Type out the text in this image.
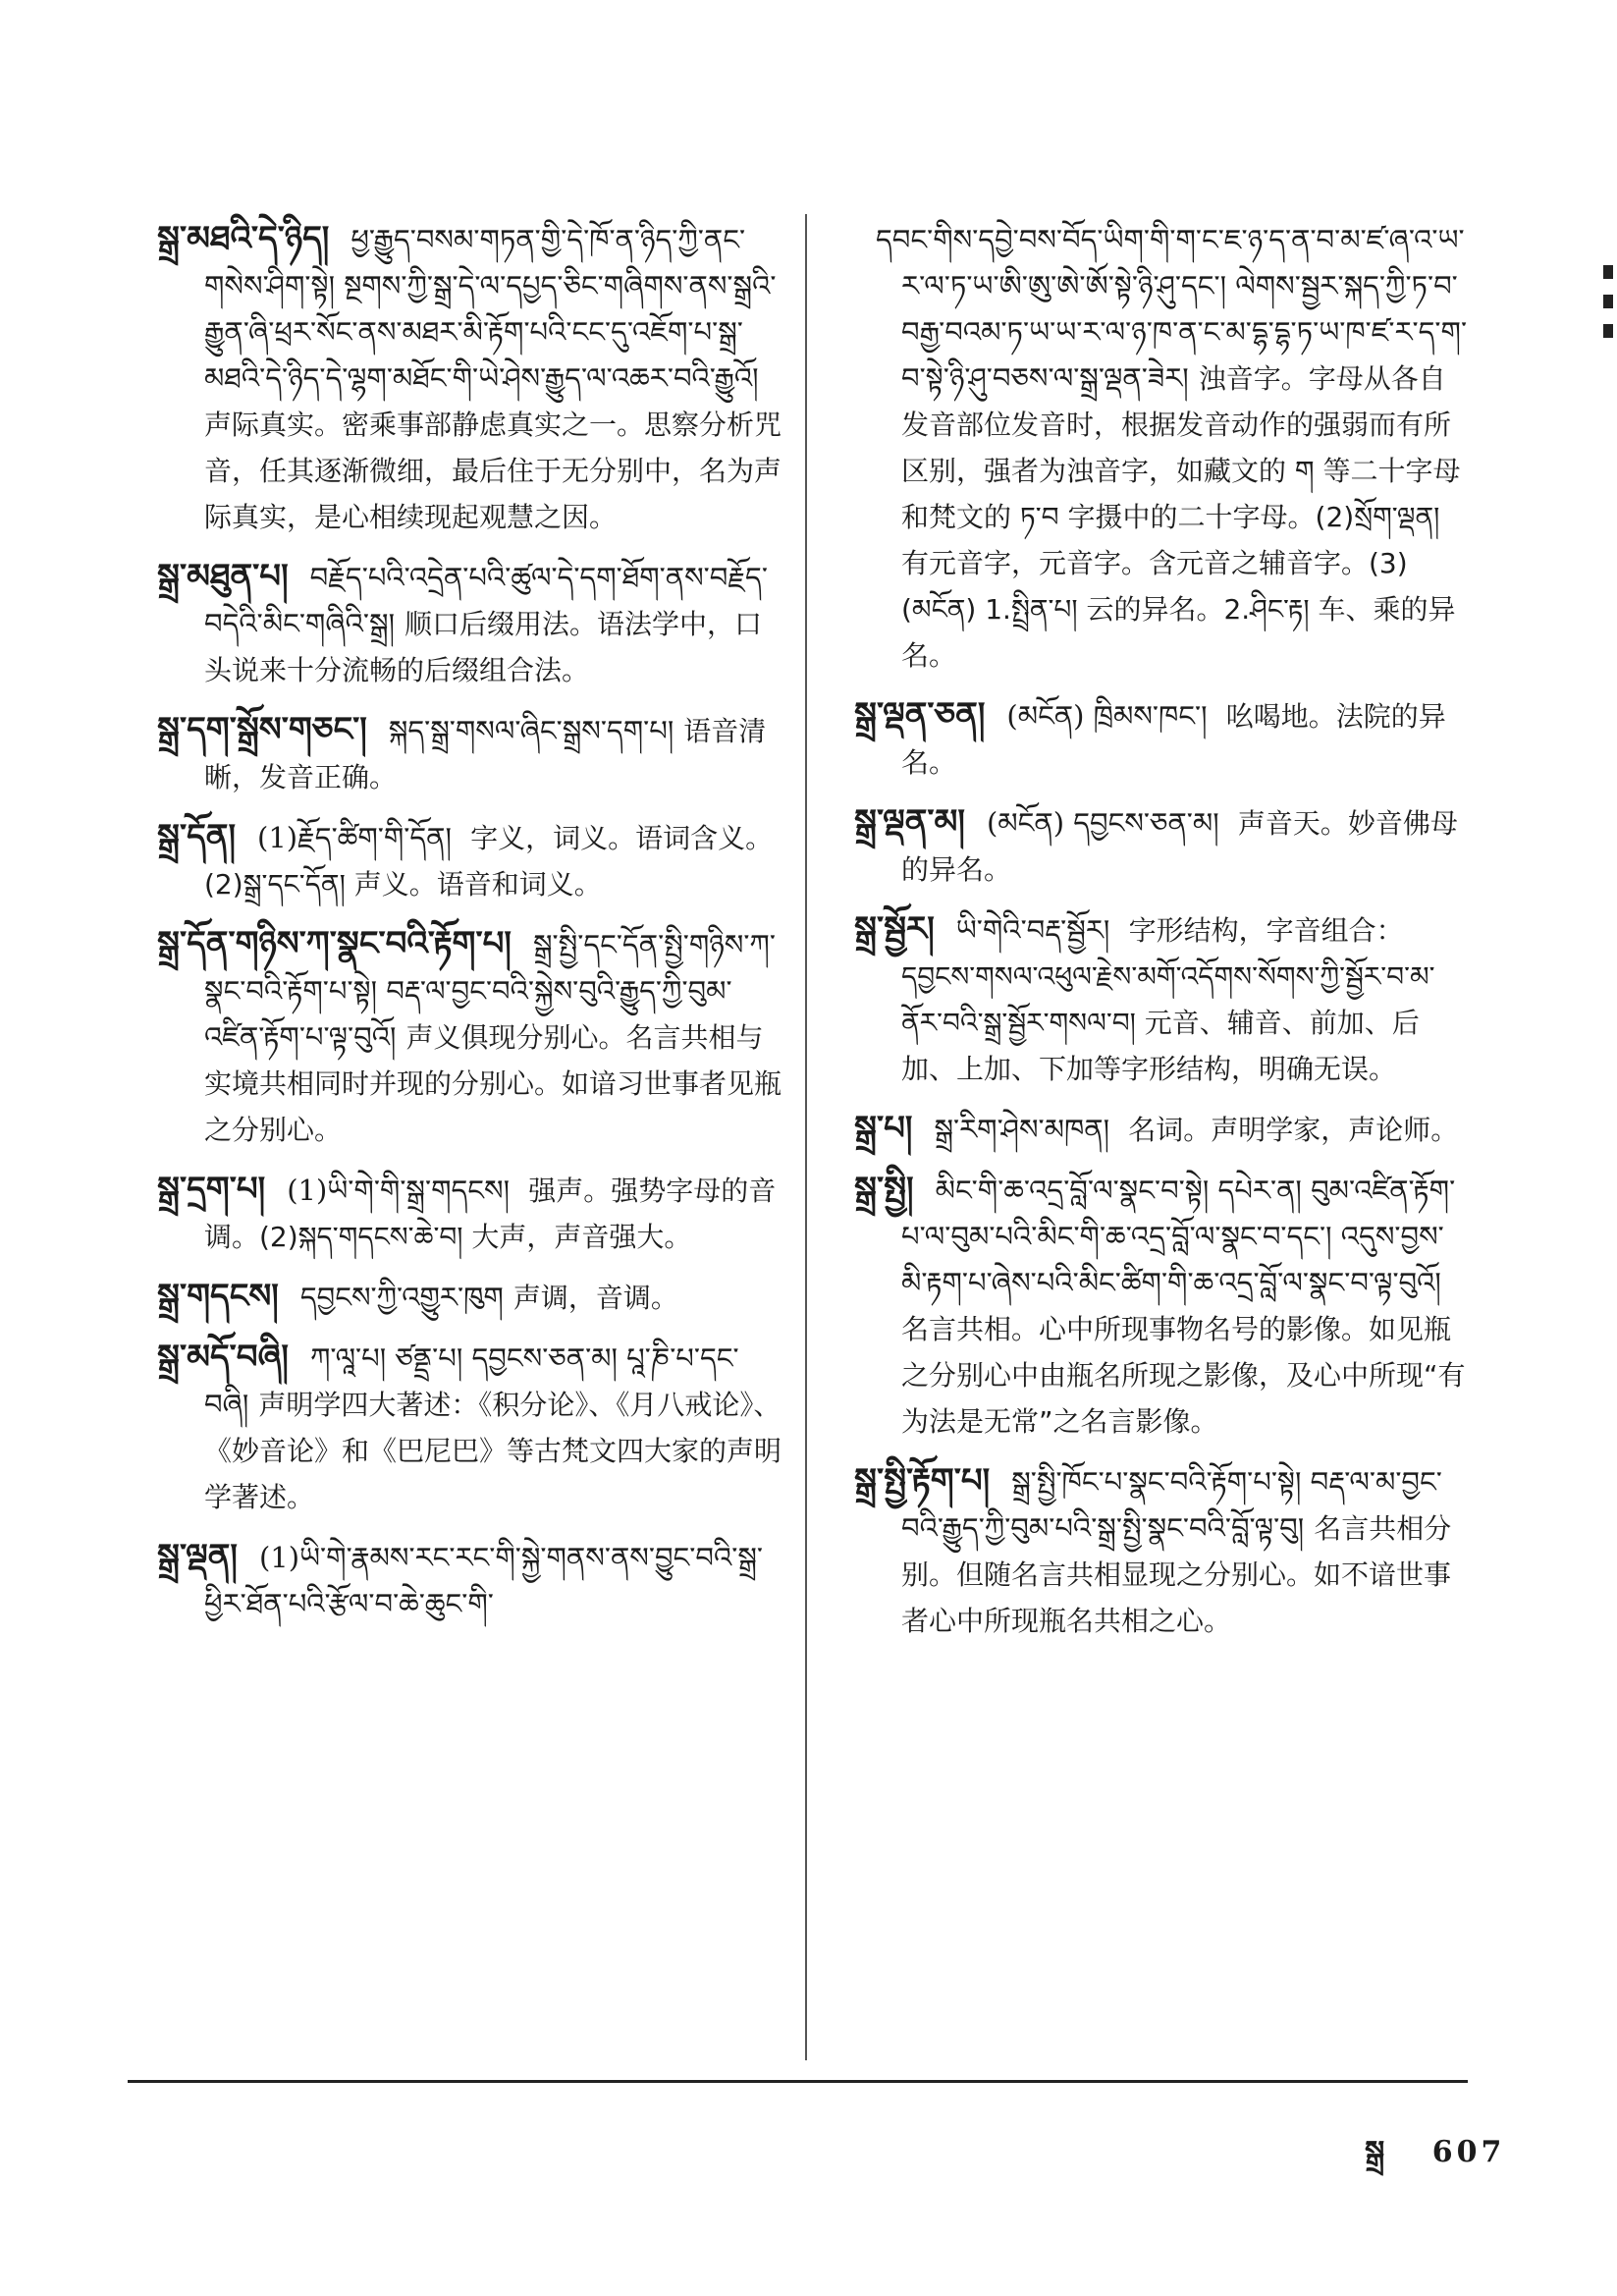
སྒྲ་མཐའི་དེ་ཉིད། ཕྱ་རྒྱུད་བསམ་གཏན་གྱི་དེ་ཁོ་ན་ཉིད་ཀྱི་ནང་གསེས་ཤིག་སྟེ། སྔགས་ཀྱི་སྒྲ་དེ་ལ་དཔྱད་ཅིང་གཞིགས་ནས་སྒྲའི་རྒྱུན་ཞི་ཕྲར་སོང་ནས་མཐར་མི་རྟོག་པའི་ངང་དུ་འཇོག་པ་སྒྲ་མཐའི་དེ་ཉིད་དེ་ལྷག་མཐོང་གི་ཡེ་ཤེས་རྒྱུད་ལ་འཆར་བའི་རྒྱུའོ།声际真实。密乘事部静虑真实之一。思察分析咒音，任其逐渐微细，最后住于无分别中，名为声际真实，是心相续现起观慧之因。
སྒྲ་མཐུན་པ། བརྗོད་པའི་འདྲེན་པའི་ཚུལ་དེ་དག་ཐོག་ནས་བརྗོད་བདེའི་མིང་གཞིའི་སྒྲ། 顺口后缀用法。语法学中，口头说来十分流畅的后缀组合法。
སྒྲ་དག་སྒྲོས་གཅང་། སྐད་སྒྲ་གསལ་ཞིང་སྒྲས་དག་པ། 语音清晰，发音正确。
སྒྲ་དོན། (1)རྗོད་ཚིག་གི་དོན། 字义，词义。语词含义。(2)སྒྲ་དང་དོན། 声义。语音和词义。
སྒྲ་དོན་གཉིས་ཀ་སྣང་བའི་རྟོག་པ། སྒྲ་སྤྱི་དང་དོན་སྤྱི་གཉིས་ཀ་སྣང་བའི་རྟོག་པ་སྟེ། བརྡ་ལ་བྱང་བའི་སྐྱེས་བུའི་རྒྱུད་ཀྱི་བུམ་འཛིན་རྟོག་པ་ལྟ་བུའོ། 声义俱现分别心。名言共相与实境共相同时并现的分别心。如谙习世事者见瓶之分别心。
སྒྲ་དྲག་པ། (1)ཡི་གེ་གི་སྒྲ་གདངས། 强声。强势字母的音调。(2)སྐད་གདངས་ཆེ་བ། 大声，声音强大。
སྒྲ་གདངས། དབྱངས་ཀྱི་འགྱུར་ཁུག 声调，音调。
སྒྲ་མདོ་བཞི། ཀ་ལཱ་པ། ཙནྡྲ་པ། དབྱངས་ཅན་མ། པཱ་ཎི་པ་དང་བཞི། 声明学四大著述：《积分论》、《月八戒论》、《妙音论》和《巴尼巴》等古梵文四大家的声明学著述。
སྒྲ་ལྡན། (1)ཡི་གེ་རྣམས་རང་རང་གི་སྐྱེ་གནས་ནས་བྱུང་བའི་སྒྲ་ཕྱིར་ཐོན་པའི་རྩོལ་བ་ཆེ་ཆུང་གི་
དབང་གིས་དབྱེ་བས་བོད་ཡིག་གི་ག་ང་ཇ་ཉ་ད་ན་བ་མ་ཛ་ཞ་འ་ཡ་ར་ལ་ཏ་ཡ་ཨི་ཨུ་ཨེ་ཨོ་སྟེ་ཉི་ཤུ་དང་། ལེགས་སྦྱར་སྐད་ཀྱི་ཏ་བ་བརྒྱ་བའམ་ཏ་ཡ་ཡ་ར་ལ་ཉ་ཁ་ན་ང་མ་དྷ་དྷ་ཏ་ཡ་ཁ་ཛ་ར་ད་ག་བ་སྟེ་ཉི་ཤུ་བཅས་ལ་སྒྲ་ལྡན་ཟེར། 浊音字。字母从各自发音部位发音时，根据发音动作的强弱而有所区别，强者为浊音字，如藏文的 ག 等二十字母和梵文的 ཏ་བ 字摄中的二十字母。(2)སྲོག་ལྡན། 有元音字，元音字。含元音之辅音字。(3)(མངོན) 1.སྤྲིན་པ། 云的异名。2.ཤིང་རྟ། 车、乘的异名。
སྒྲ་ལྡན་ཅན། (མངོན) ཁྲིམས་ཁང་། 吆喝地。法院的异名。
སྒྲ་ལྡན་མ། (མངོན) དབྱངས་ཅན་མ། 声音天。妙音佛母的异名。
སྒྲ་སྦྱོར། ཡི་གེའི་བརྡ་སྦྱོར། 字形结构，字音组合：དབྱངས་གསལ་འཕུལ་རྗེས་མགོ་འདོགས་སོགས་ཀྱི་སྦྱོར་བ་མ་ནོར་བའི་སྒྲ་སྦྱོར་གསལ་བ། 元音、辅音、前加、后加、上加、下加等字形结构，明确无误。
སྒྲ་པ། སྒྲ་རིག་ཤེས་མཁན། 名词。声明学家，声论师。
སྒྲ་སྤྱི། མིང་གི་ཆ་འདྲ་བློ་ལ་སྣང་བ་སྟེ། དཔེར་ན། བུམ་འཛིན་རྟོག་པ་ལ་བུམ་པའི་མིང་གི་ཆ་འདྲ་བློ་ལ་སྣང་བ་དང་། འདུས་བྱས་མི་རྟག་པ་ཞེས་པའི་མིང་ཚིག་གི་ཆ་འདྲ་བློ་ལ་སྣང་བ་ལྟ་བུའོ།名言共相。心中所现事物名号的影像。如见瓶之分别心中由瓶名所现之影像，及心中所现“有为法是无常”之名言影像。
སྒྲ་སྤྱི་རྟོག་པ། སྒྲ་སྤྱི་ཁོང་པ་སྣང་བའི་རྟོག་པ་སྟེ། བརྡ་ལ་མ་བྱང་བའི་རྒྱུད་ཀྱི་བུམ་པའི་སྒྲ་སྤྱི་སྣང་བའི་བློ་ལྟ་བུ། 名言共相分别。但随名言共相显现之分别心。如不谙世事者心中所现瓶名共相之心。
སྒྲ 607
